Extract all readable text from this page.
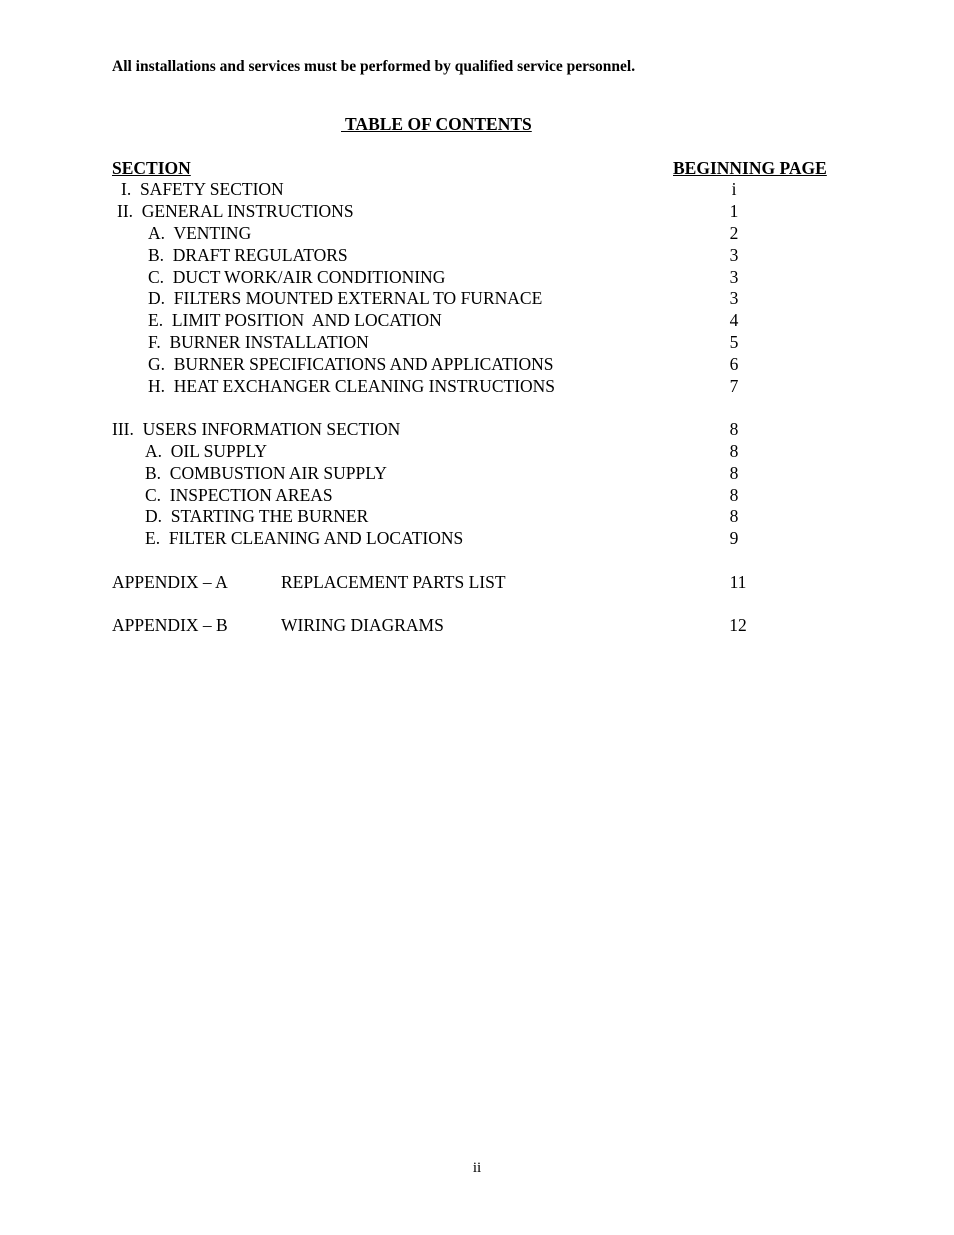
All installations and services must be performed by qualified service personnel.
TABLE OF CONTENTS
SECTION	BEGINNING PAGE
I.  SAFETY SECTION	i
II.  GENERAL INSTRUCTIONS	1
A.  VENTING	2
B.  DRAFT REGULATORS	3
C.  DUCT WORK/AIR CONDITIONING	3
D.  FILTERS MOUNTED EXTERNAL TO FURNACE	3
E.  LIMIT POSITION  AND LOCATION	4
F.  BURNER INSTALLATION	5
G.  BURNER SPECIFICATIONS AND APPLICATIONS	6
H.  HEAT EXCHANGER CLEANING INSTRUCTIONS	7
III.  USERS INFORMATION SECTION	8
A.  OIL SUPPLY	8
B.  COMBUSTION AIR SUPPLY	8
C.  INSPECTION AREAS	8
D.  STARTING THE BURNER	8
E.  FILTER CLEANING AND LOCATIONS	9
APPENDIX – A	REPLACEMENT PARTS LIST	11
APPENDIX – B	WIRING DIAGRAMS	12
ii
